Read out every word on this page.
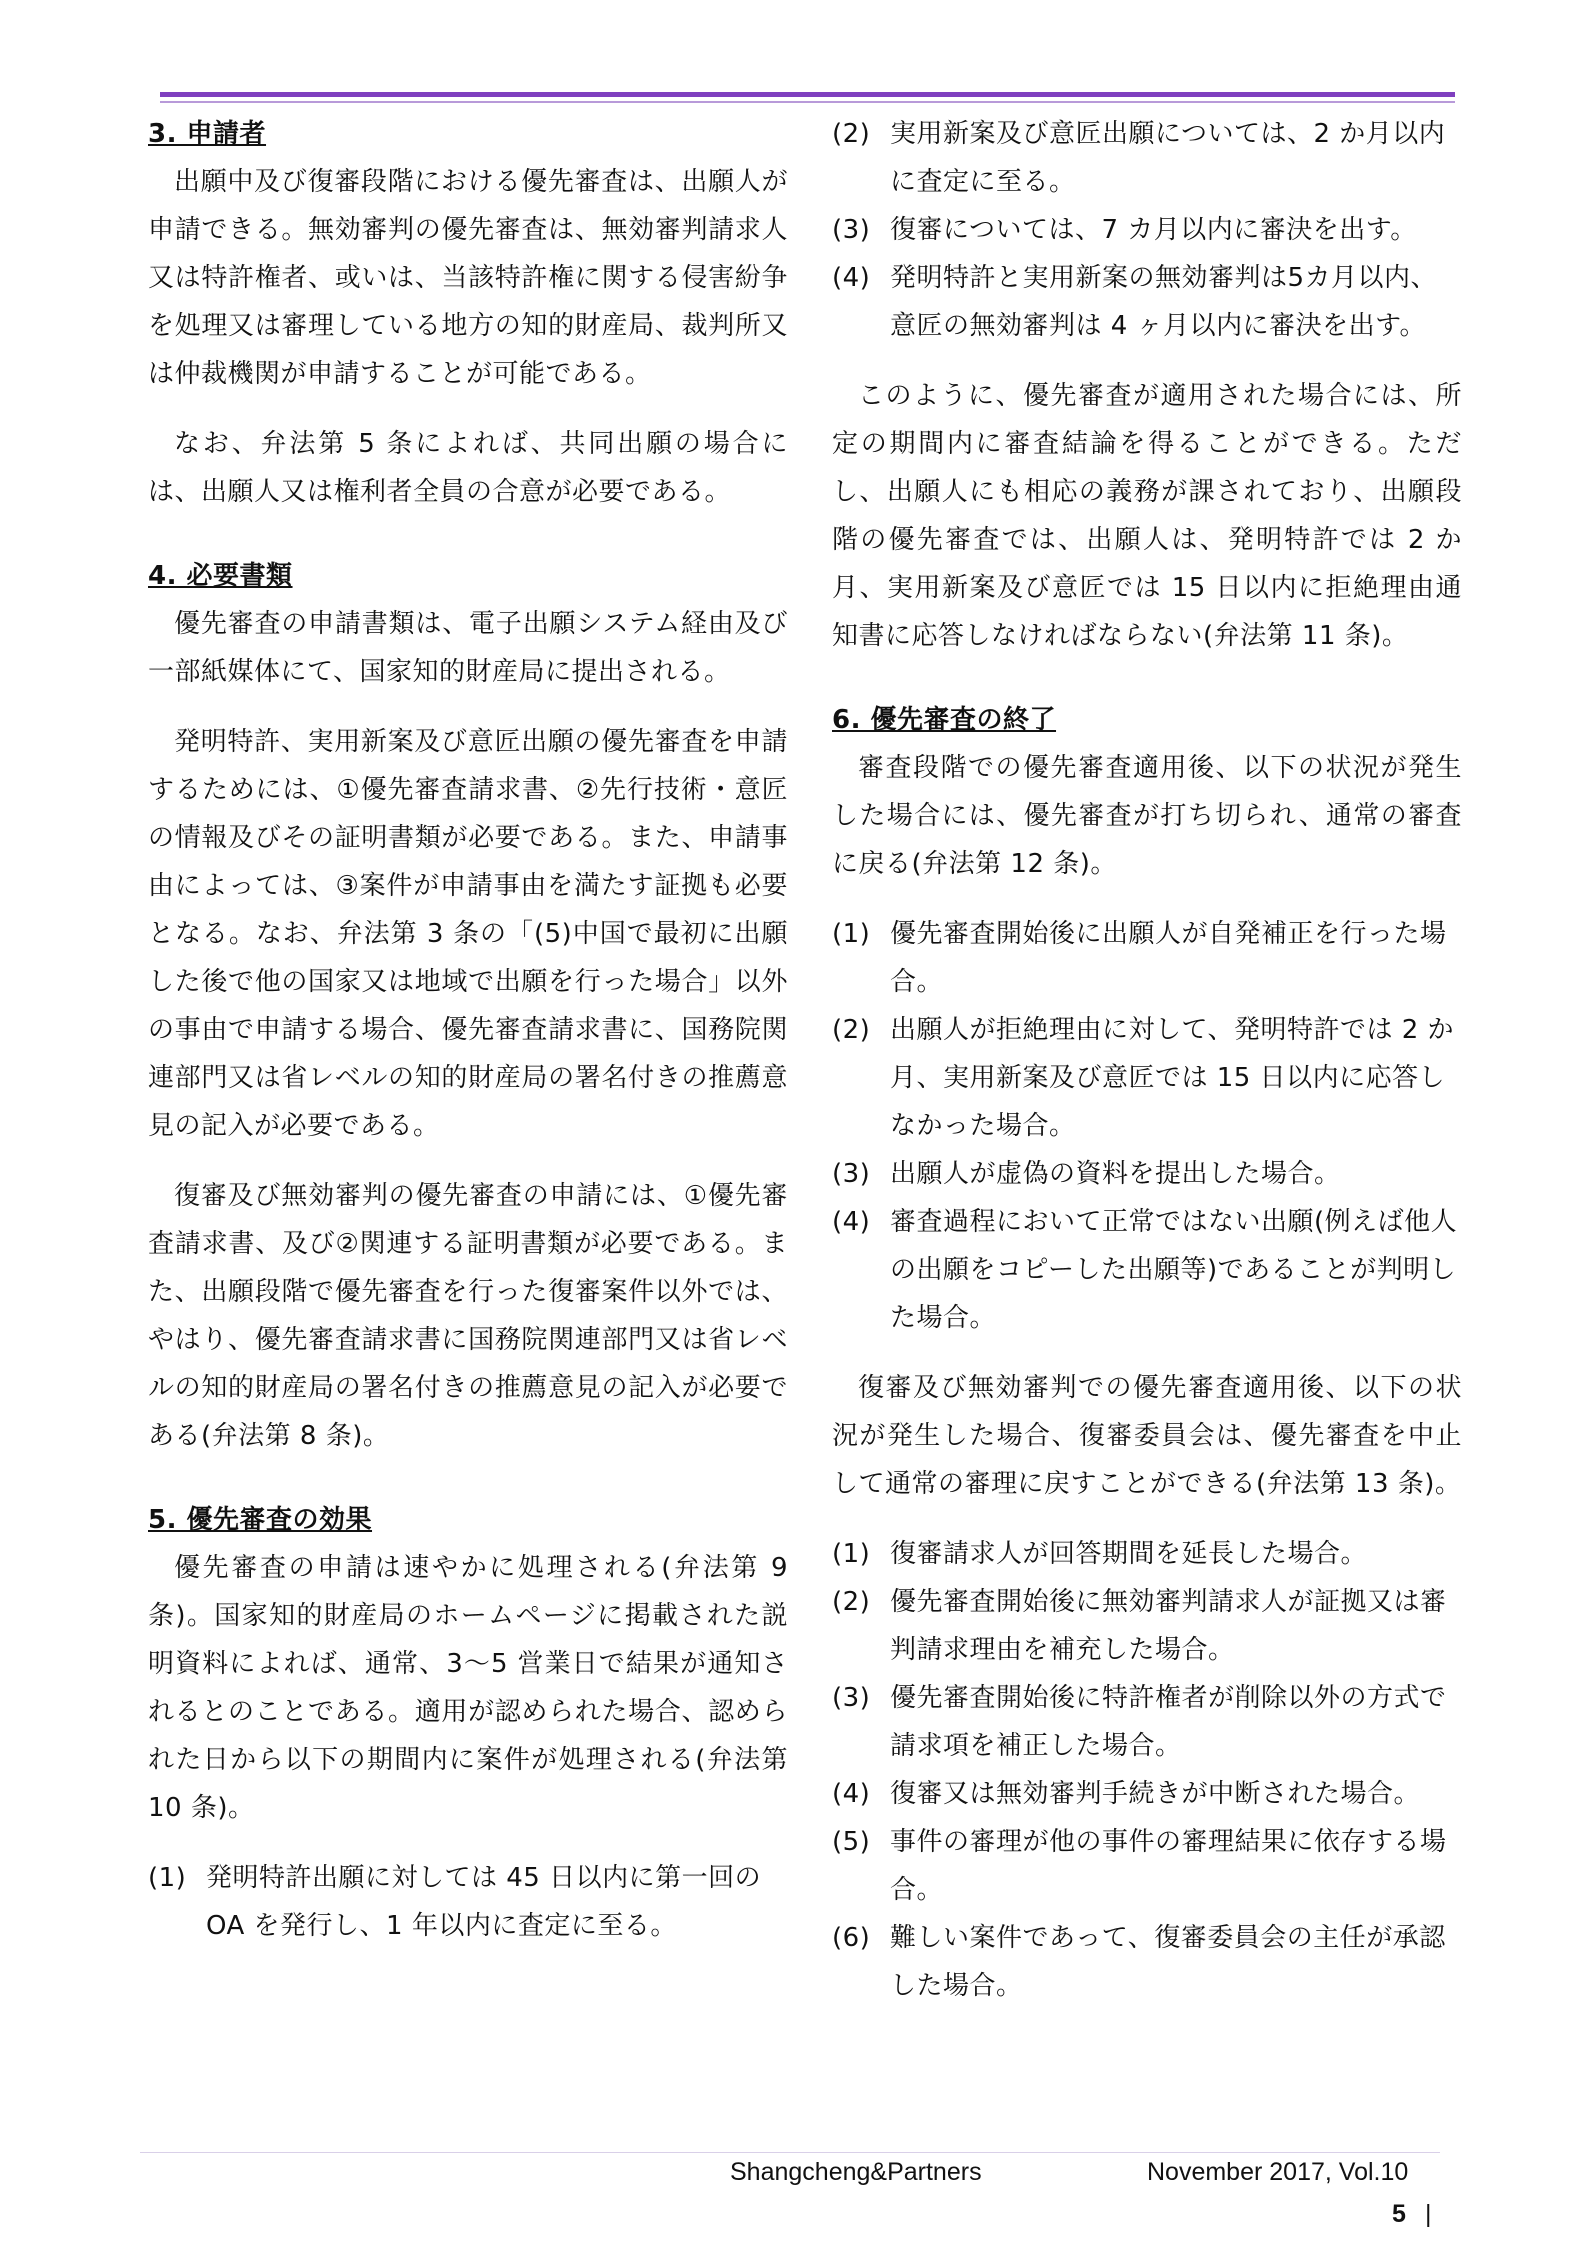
3. 申請者

出願中及び復審段階における優先審査は、出願人が申請できる。無効審判の優先審査は、無効審判請求人又は特許権者、或いは、当該特許権に関する侵害紛争を処理又は審理している地方の知的財産局、裁判所又は仲裁機関が申請することが可能である。

なお、弁法第 5 条によれば、共同出願の場合には、出願人又は権利者全員の合意が必要である。

4. 必要書類

優先審査の申請書類は、電子出願システム経由及び一部紙媒体にて、国家知的財産局に提出される。

発明特許、実用新案及び意匠出願の優先審査を申請するためには、①優先審査請求書、②先行技術・意匠の情報及びその証明書類が必要である。また、申請事由によっては、③案件が申請事由を満たす証拠も必要となる。なお、弁法第 3 条の「(5)中国で最初に出願した後で他の国家又は地域で出願を行った場合」以外の事由で申請する場合、優先審査請求書に、国務院関連部門又は省レベルの知的財産局の署名付きの推薦意見の記入が必要である。

復審及び無効審判の優先審査の申請には、①優先審査請求書、及び②関連する証明書類が必要である。また、出願段階で優先審査を行った復審案件以外では、やはり、優先審査請求書に国務院関連部門又は省レベルの知的財産局の署名付きの推薦意見の記入が必要である(弁法第 8 条)。

5. 優先審査の効果

優先審査の申請は速やかに処理される(弁法第 9 条)。国家知的財産局のホームページに掲載された説明資料によれば、通常、3～5 営業日で結果が通知されるとのことである。適用が認められた場合、認められた日から以下の期間内に案件が処理される(弁法第 10 条)。

(1) 発明特許出願に対しては 45 日以内に第一回の OA を発行し、1 年以内に査定に至る。
(2) 実用新案及び意匠出願については、2 か月以内に査定に至る。
(3) 復審については、7 カ月以内に審決を出す。
(4) 発明特許と実用新案の無効審判は5カ月以内、意匠の無効審判は 4 ヶ月以内に審決を出す。

このように、優先審査が適用された場合には、所定の期間内に審査結論を得ることができる。ただし、出願人にも相応の義務が課されており、出願段階の優先審査では、出願人は、発明特許では 2 か月、実用新案及び意匠では 15 日以内に拒絶理由通知書に応答しなければならない(弁法第 11 条)。

6. 優先審査の終了

審査段階での優先審査適用後、以下の状況が発生した場合には、優先審査が打ち切られ、通常の審査に戻る(弁法第 12 条)。

(1) 優先審査開始後に出願人が自発補正を行った場合。
(2) 出願人が拒絶理由に対して、発明特許では 2 か月、実用新案及び意匠では 15 日以内に応答しなかった場合。
(3) 出願人が虚偽の資料を提出した場合。
(4) 審査過程において正常ではない出願(例えば他人の出願をコピーした出願等)であることが判明した場合。

復審及び無効審判での優先審査適用後、以下の状況が発生した場合、復審委員会は、優先審査を中止して通常の審理に戻すことができる(弁法第 13 条)。

(1) 復審請求人が回答期間を延長した場合。
(2) 優先審査開始後に無効審判請求人が証拠又は審判請求理由を補充した場合。
(3) 優先審査開始後に特許権者が削除以外の方式で請求項を補正した場合。
(4) 復審又は無効審判手続きが中断された場合。
(5) 事件の審理が他の事件の審理結果に依存する場合。
(6) 難しい案件であって、復審委員会の主任が承認した場合。
Shangcheng&Partners	November 2017, Vol.10
5 |
